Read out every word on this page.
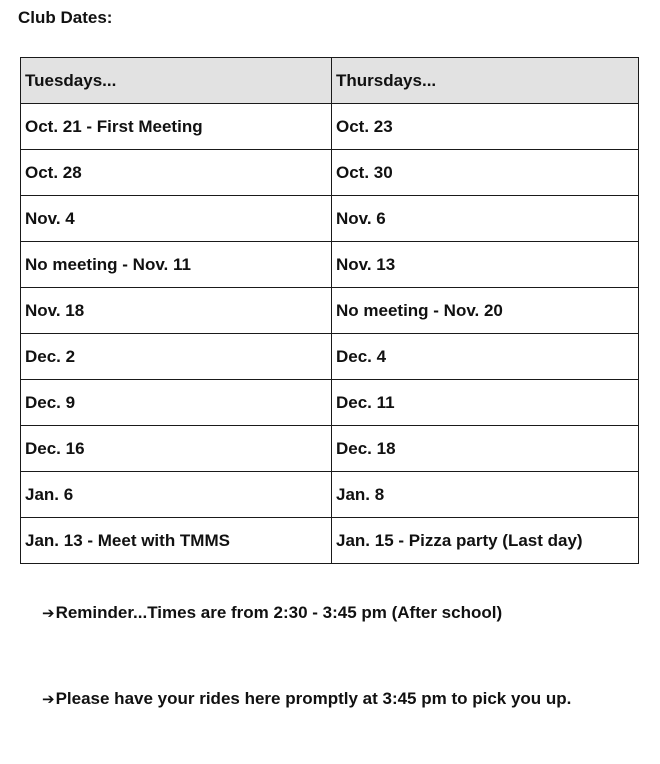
Club Dates:
Tuesdays...	Thursdays...
Oct. 21 - First Meeting	Oct. 23
Oct. 28	Oct. 30
Nov. 4	Nov. 6
No meeting - Nov. 11	Nov. 13
Nov. 18	No meeting - Nov. 20
Dec. 2	Dec. 4
Dec. 9	Dec. 11
Dec. 16	Dec. 18
Jan. 6	Jan. 8
Jan. 13 - Meet with TMMS	Jan. 15 - Pizza party (Last day)

➔Reminder...Times are from 2:30 - 3:45 pm (After school)

➔Please have your rides here promptly at 3:45 pm to pick you up.
